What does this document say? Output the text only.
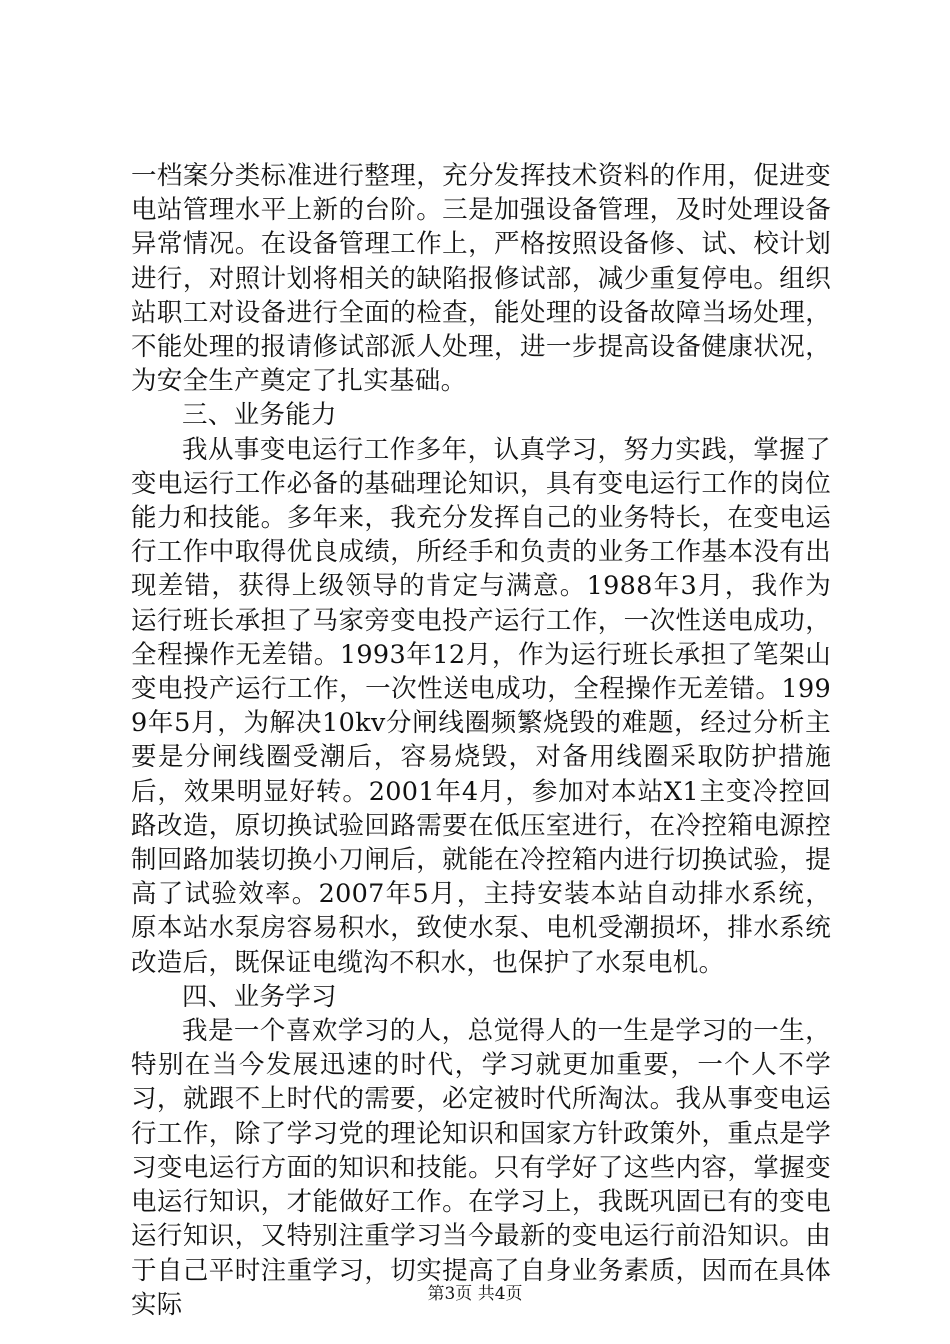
一档案分类标准进行整理，充分发挥技术资料的作用，促进变电站管理水平上新的台阶。三是加强设备管理，及时处理设备异常情况。在设备管理工作上，严格按照设备修、试、校计划进行，对照计划将相关的缺陷报修试部，减少重复停电。组织站职工对设备进行全面的检查，能处理的设备故障当场处理，不能处理的报请修试部派人处理，进一步提高设备健康状况，为安全生产奠定了扎实基础。

三、业务能力

我从事变电运行工作多年，认真学习，努力实践，掌握了变电运行工作必备的基础理论知识，具有变电运行工作的岗位能力和技能。多年来，我充分发挥自己的业务特长，在变电运行工作中取得优良成绩，所经手和负责的业务工作基本没有出现差错，获得上级领导的肯定与满意。1988年3月，我作为运行班长承担了马家旁变电投产运行工作，一次性送电成功，全程操作无差错。1993年12月，作为运行班长承担了笔架山变电投产运行工作，一次性送电成功，全程操作无差错。1999年5月，为解决10kv分闸线圈频繁烧毁的难题，经过分析主要是分闸线圈受潮后，容易烧毁，对备用线圈采取防护措施后，效果明显好转。2001年4月，参加对本站X1主变冷控回路改造，原切换试验回路需要在低压室进行，在冷控箱电源控制回路加装切换小刀闸后，就能在冷控箱内进行切换试验，提高了试验效率。2007年5月，主持安装本站自动排水系统，原本站水泵房容易积水，致使水泵、电机受潮损坏，排水系统改造后，既保证电缆沟不积水，也保护了水泵电机。

四、业务学习

我是一个喜欢学习的人，总觉得人的一生是学习的一生，特别在当今发展迅速的时代，学习就更加重要，一个人不学习，就跟不上时代的需要，必定被时代所淘汰。我从事变电运行工作，除了学习党的理论知识和国家方针政策外，重点是学习变电运行方面的知识和技能。只有学好了这些内容，掌握变电运行知识，才能做好工作。在学习上，我既巩固已有的变电运行知识，又特别注重学习当今最新的变电运行前沿知识。由于自己平时注重学习，切实提高了自身业务素质，因而在具体实际	第3页 共4页
